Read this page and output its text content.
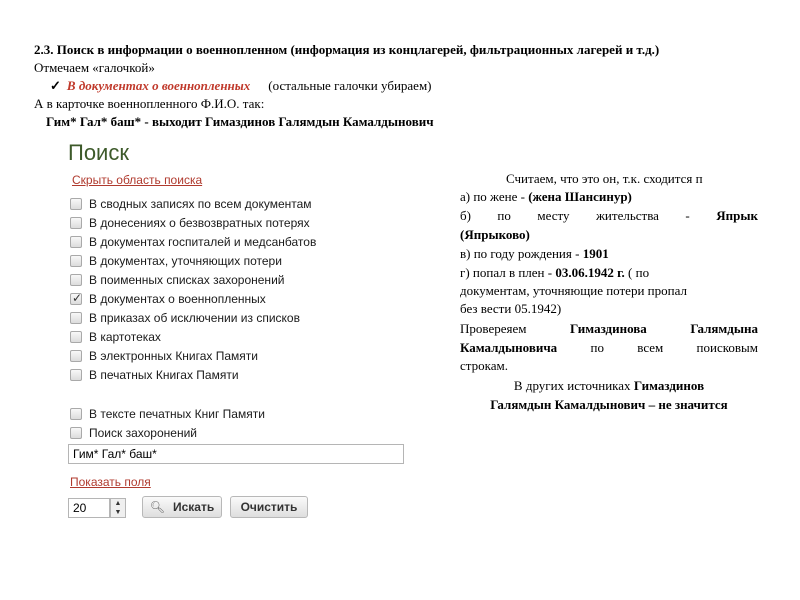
2.3. Поиск в информации о военнопленном (информация из концлагерей, фильтрационных лагерей и т.д.)
Отмечаем «галочкой»
✓ В документах о военнопленных (остальные галочки убираем)
А в карточке военнопленного Ф.И.О. так:
Гим* Гал* баш* - выходит Гимаздинов Галямдын Камалдынович
Поиск
Скрыть область поиска
В сводных записях по всем документам
В донесениях о безвозвратных потерях
В документах госпиталей и медсанбатов
В документах, уточняющих потери
В поименных списках захоронений
✓
В документах о военнопленных
В приказах об исключении из списков
В картотеках
В электронных Книгах Памяти
В печатных Книгах Памяти
В тексте печатных Книг Памяти
Поиск захоронений
Гим* Гал* баш*
Показать поля
20	▲
▼ 🔍︎ Искать	Очистить
Считаем, что это он, т.к. сходится п
а) по жене - (жена Шансинур)
б) по месту жительства - Япрык
(Япрыково)
в) по году рождения - 1901
г) попал в плен - 03.06.1942 г. ( по
документам, уточняющие потери пропал
без вести 05.1942)
Провереяем	Гимаздинова Галямдына
Камалдыновича	по всем поисковым
строкам.
В других источниках Гимаздинов
Галямдын Камалдынович – не значится
